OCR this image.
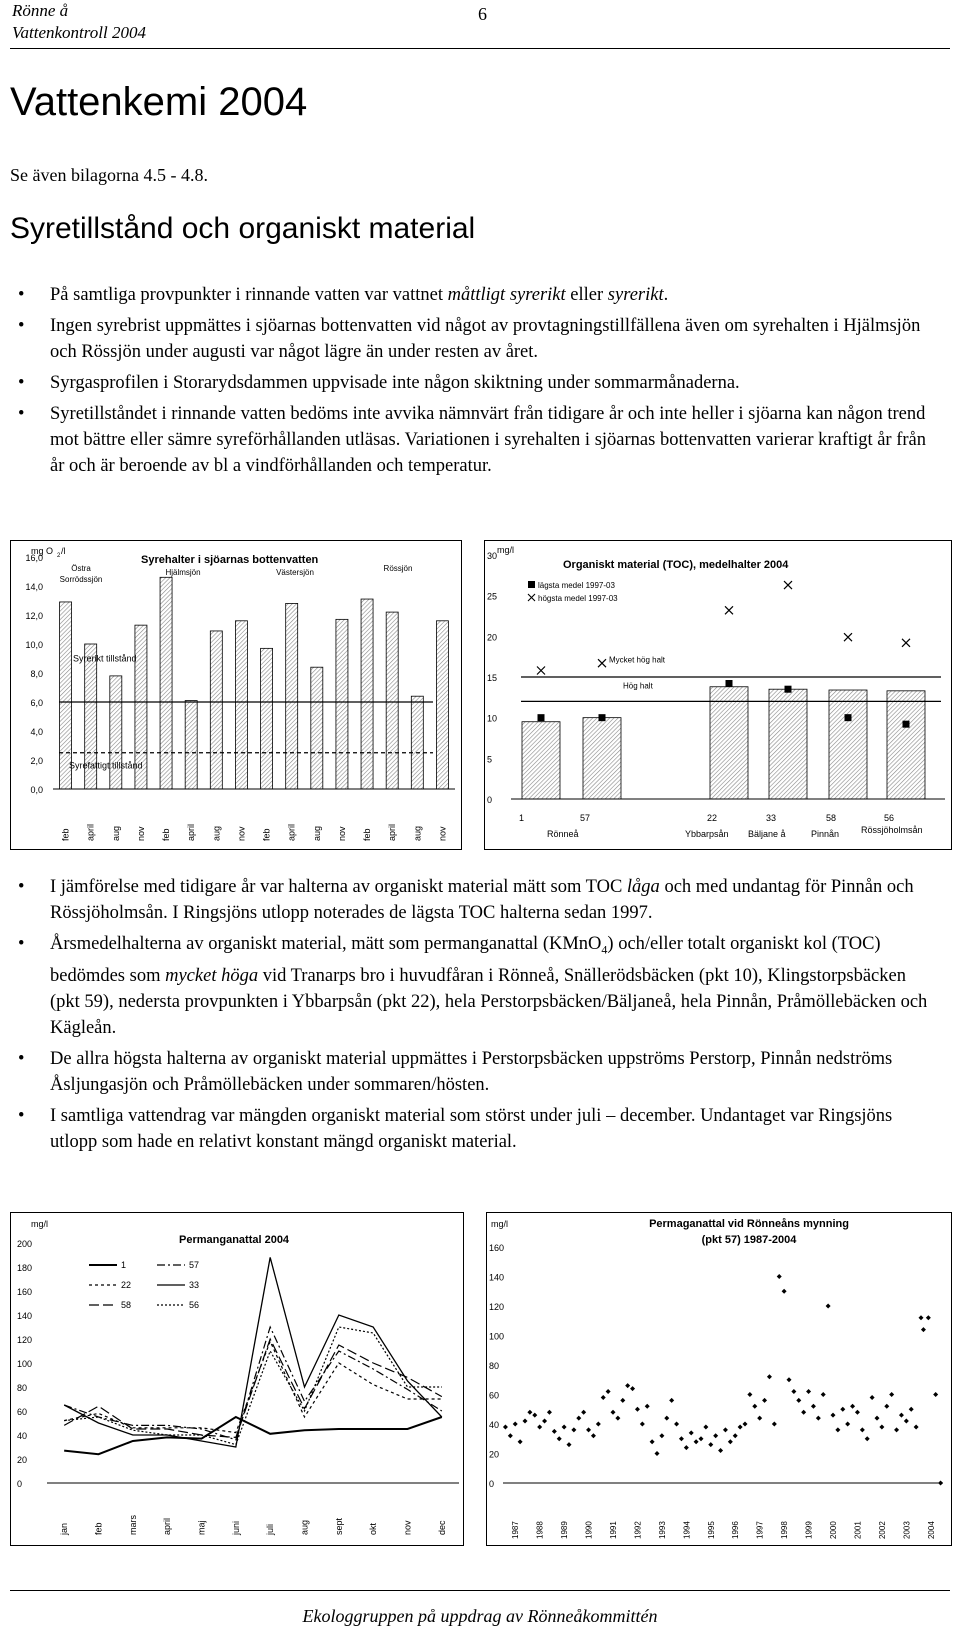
Rönne å
Vattenkontroll 2004
6
Vattenkemi 2004

Se även bilagorna 4.5 - 4.8.

Syretillstånd och organiskt material
• På samtliga provpunkter i rinnande vatten var vattnet måttligt syrerikt eller syrerikt.
• Ingen syrebrist uppmättes i sjöarnas bottenvatten vid något av provtagningstillfällena även om syrehalten i Hjälmsjön och Rössjön under augusti var något lägre än under resten av året.
• Syrgasprofilen i Storarydsdammen uppvisade inte någon skiktning under sommarmånaderna.
• Syretillståndet i rinnande vatten bedöms inte avvika nämnvärt från tidigare år och inte heller i sjöarna kan någon trend mot bättre eller sämre syreförhållanden utläsas. Variationen i syrehalten i sjöarnas bottenvatten varierar kraftigt år från år och är beroende av bl a vindförhållanden och temperatur.
0,0
2,0
4,0
6,0
8,0
10,0
12,0
14,0
16,0
mg O 2 /l
Syrehalter i sjöarnas bottenvatten
Östra
Sorrödssjön
feb april aug nov
Hjälmsjön
feb april aug nov
Västersjön
feb april aug nov
Rössjön
feb april aug nov
Syrerikt tillstånd
Syrefattigt tillstånd
0
5
10
15
20
25
30
mg/l
Organiskt material (TOC), medelhalter 2004
Mycket hög halt
Hög halt
lägsta medel 1997-03
högsta medel 1997-03
1	57	22	33	58	56
Rönneå	Ybbarpsån Bäljane å	Pinnån Rössjöholmsån
• I jämförelse med tidigare år var halterna av organiskt material mätt som TOC låga och med undantag för Pinnån och Rössjöholmsån. I Ringsjöns utlopp noterades de lägsta TOC halterna sedan 1997.
• Årsmedelhalterna av organiskt material, mätt som permanganattal (KMnO$_4$) och/eller totalt organiskt kol (TOC) bedömdes som mycket höga vid Tranarps bro i huvudfåran i Rönneå, Snällerödsbäcken (pkt 10), Klingstorpsbäcken (pkt 59), nedersta provpunkten i Ybbarpsån (pkt 22), hela Perstorpsbäcken/Bäljaneå, hela Pinnån, Pråmöllebäcken och Kägleån.
• De allra högsta halterna av organiskt material uppmättes i Perstorpsbäcken uppströms Perstorp, Pinnån nedströms Åsljungasjön och Pråmöllebäcken under sommaren/hösten.
• I samtliga vattendrag var mängden organiskt material som störst under juli – december. Undantaget var Ringsjöns utlopp som hade en relativt konstant mängd organiskt material.
0
20
40
60
80
100
120
140
160
180
200
mg/l
Permanganattal 2004
jan	feb	mars	april	maj	juni	juli	aug	sept	okt	nov	dec
1	57
22	33
58	56
0
20
40
60
80
100
120
140
160
mg/l	Permaganattal vid Rönneåns mynning
(pkt 57) 1987-2004
1987 1988 1989 1990 1991 1992 1993 1994 1995 1996 1997 1998 1999 2000 2001 2002 2003 2004
Ekologgruppen på uppdrag av Rönneåkommittén
